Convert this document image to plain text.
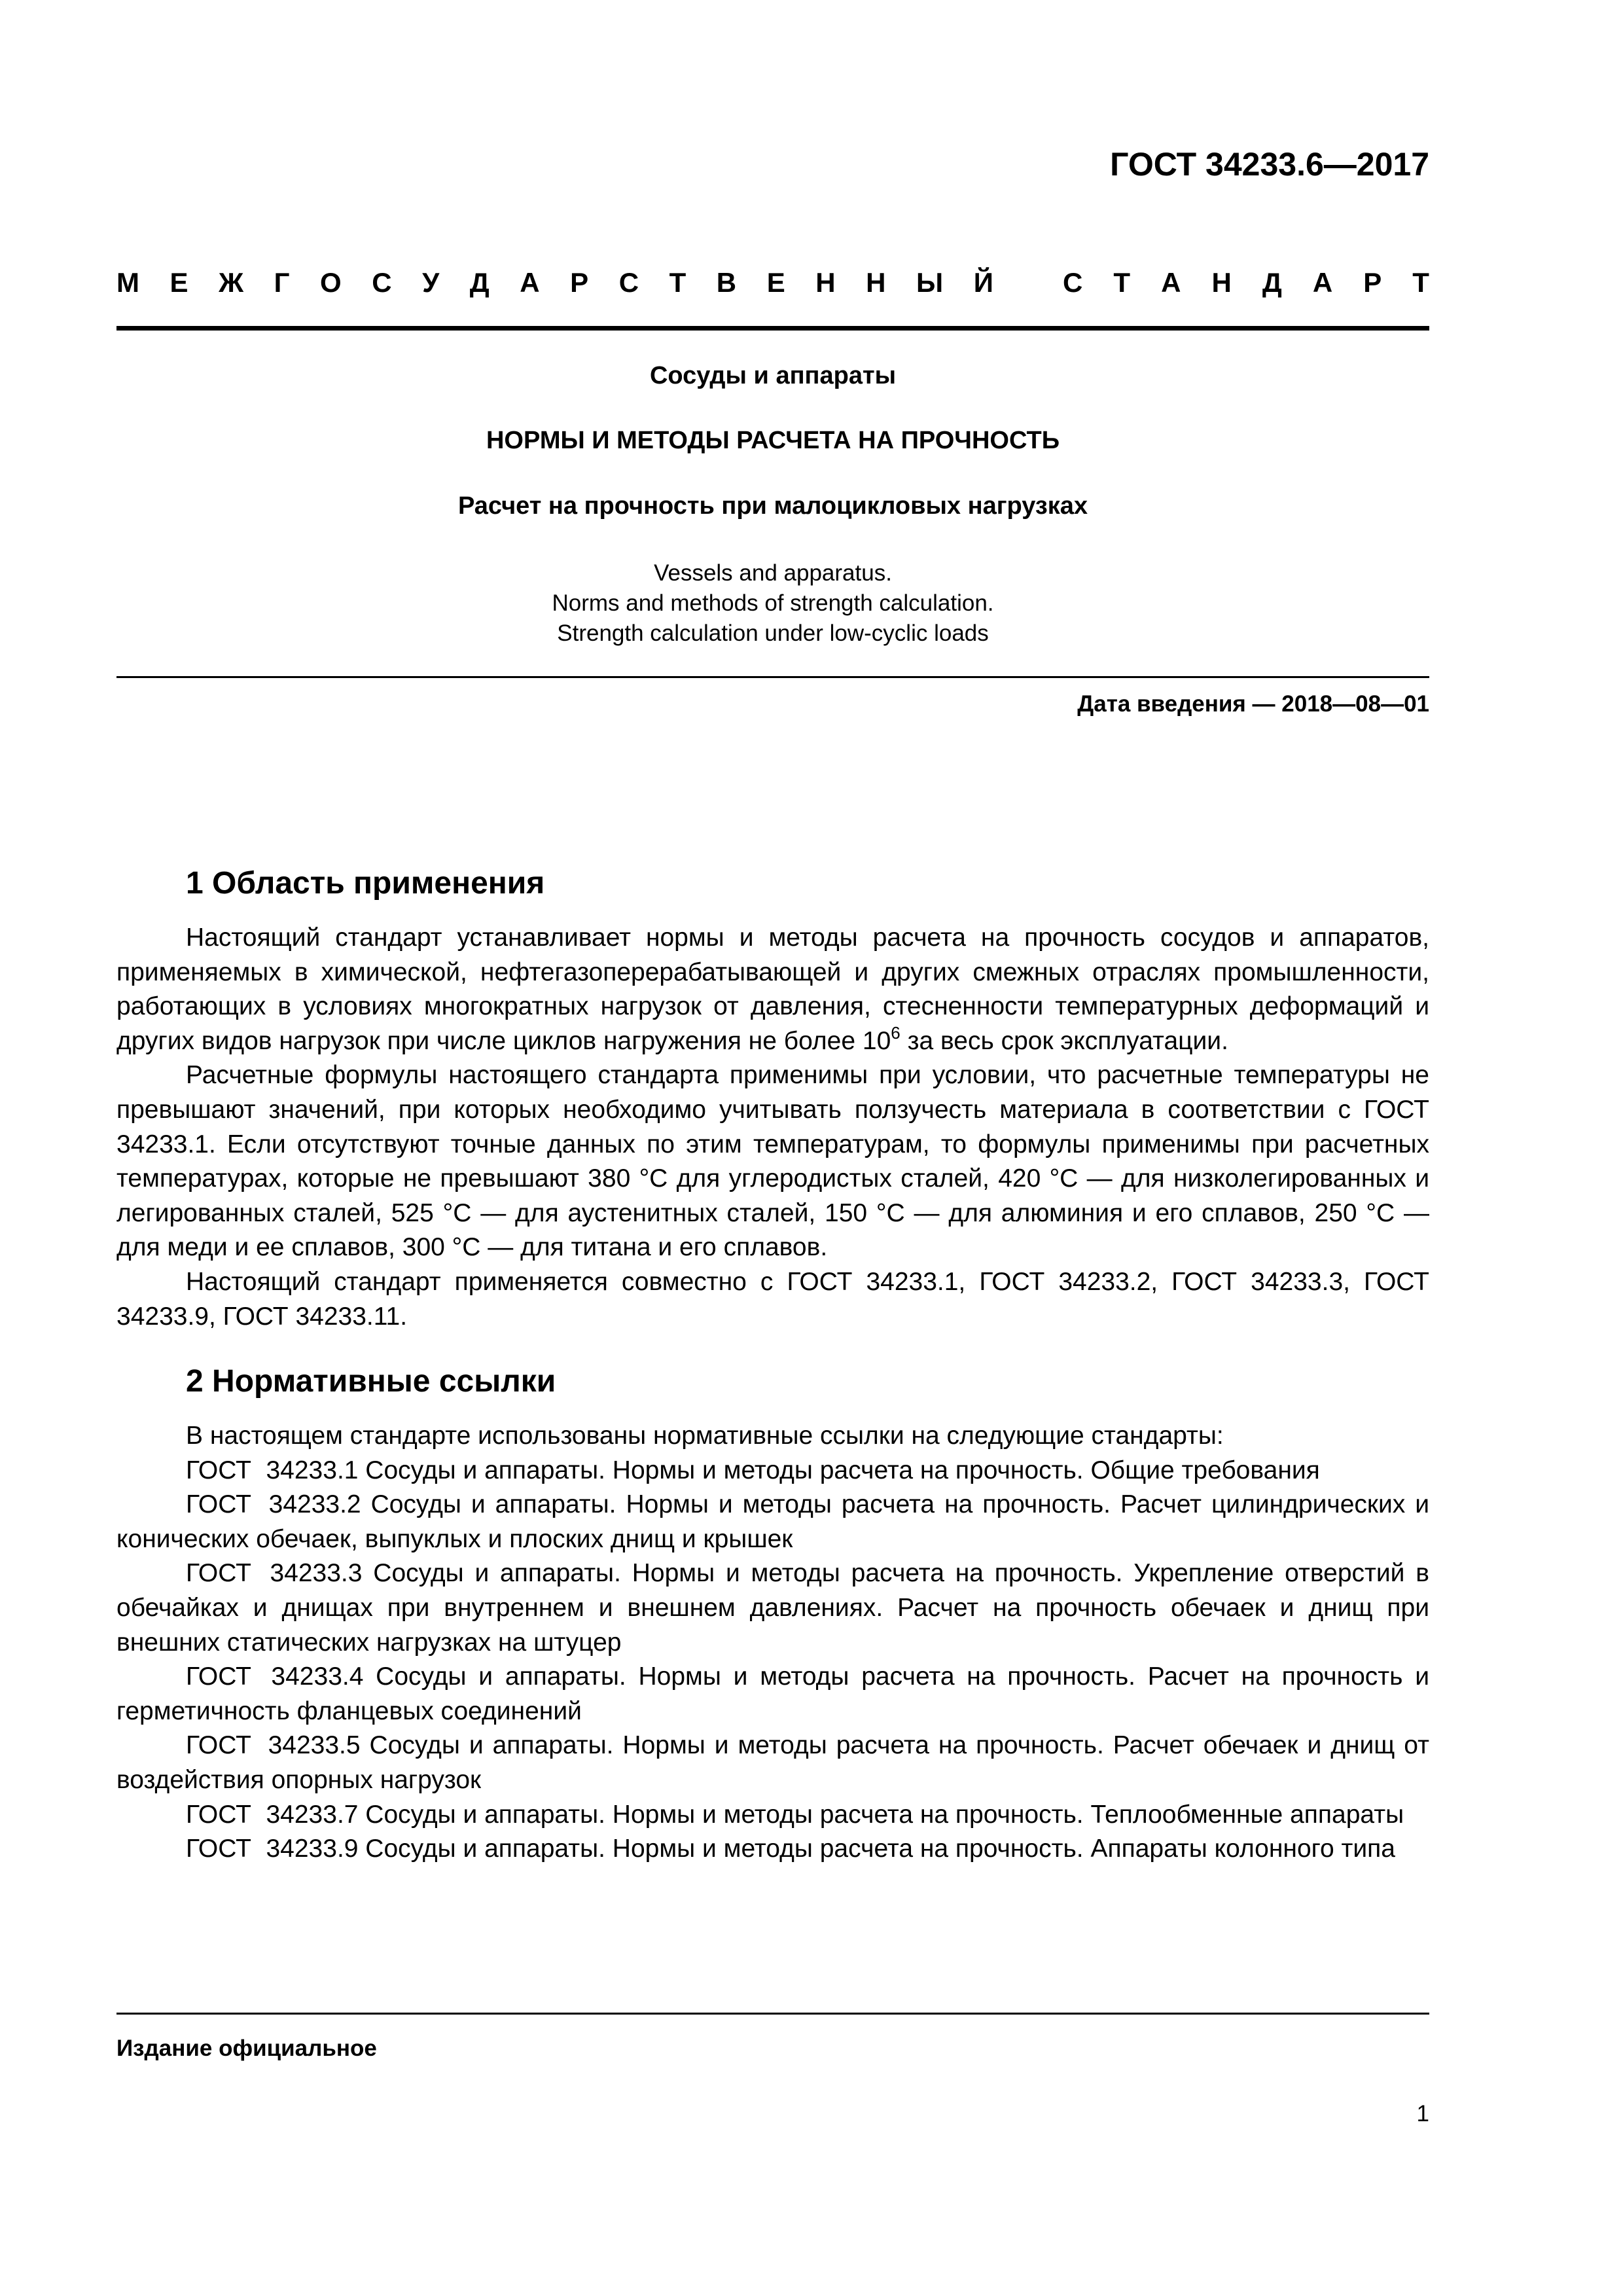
ГОСТ 34233.6—2017
М Е Ж Г О С У Д А Р С Т В Е Н Н Ы Й	С Т А Н Д А Р Т
Сосуды и аппараты
НОРМЫ И МЕТОДЫ РАСЧЕТА НА ПРОЧНОСТЬ
Расчет на прочность при малоцикловых нагрузках
Vessels and apparatus.
Norms and methods of strength calculation.
Strength calculation under low-cyclic loads
Дата введения — 2018—08—01
1 Область применения

Настоящий стандарт устанавливает нормы и методы расчета на прочность сосудов и аппаратов, применяемых в химической, нефтегазоперерабатывающей и других смежных отраслях промышленности, работающих в условиях многократных нагрузок от давления, стесненности температурных деформаций и других видов нагрузок при числе циклов нагружения не более $10^6$ за весь срок эксплуатации.

Расчетные формулы настоящего стандарта применимы при условии, что расчетные температуры не превышают значений, при которых необходимо учитывать ползучесть материала в соответствии с ГОСТ 34233.1. Если отсутствуют точные данных по этим температурам, то формулы применимы при расчетных температурах, которые не превышают 380 °С для углеродистых сталей, 420 °С — для низколегированных и легированных сталей, 525 °С — для аустенитных сталей, 150 °С — для алюминия и его сплавов, 250 °С — для меди и ее сплавов, 300 °С — для титана и его сплавов.

Настоящий стандарт применяется совместно с ГОСТ 34233.1, ГОСТ 34233.2, ГОСТ 34233.3, ГОСТ 34233.9, ГОСТ 34233.11.

2 Нормативные ссылки

В настоящем стандарте использованы нормативные ссылки на следующие стандарты:

ГОСТ 34233.1 Сосуды и аппараты. Нормы и методы расчета на прочность. Общие требования

ГОСТ 34233.2 Сосуды и аппараты. Нормы и методы расчета на прочность. Расчет цилиндрических и конических обечаек, выпуклых и плоских днищ и крышек

ГОСТ 34233.3 Сосуды и аппараты. Нормы и методы расчета на прочность. Укрепление отверстий в обечайках и днищах при внутреннем и внешнем давлениях. Расчет на прочность обечаек и днищ при внешних статических нагрузках на штуцер

ГОСТ 34233.4 Сосуды и аппараты. Нормы и методы расчета на прочность. Расчет на прочность и герметичность фланцевых соединений

ГОСТ 34233.5 Сосуды и аппараты. Нормы и методы расчета на прочность. Расчет обечаек и днищ от воздействия опорных нагрузок

ГОСТ 34233.7 Сосуды и аппараты. Нормы и методы расчета на прочность. Теплообменные аппараты

ГОСТ 34233.9 Сосуды и аппараты. Нормы и методы расчета на прочность. Аппараты колонного типа

Издание официальное
1
